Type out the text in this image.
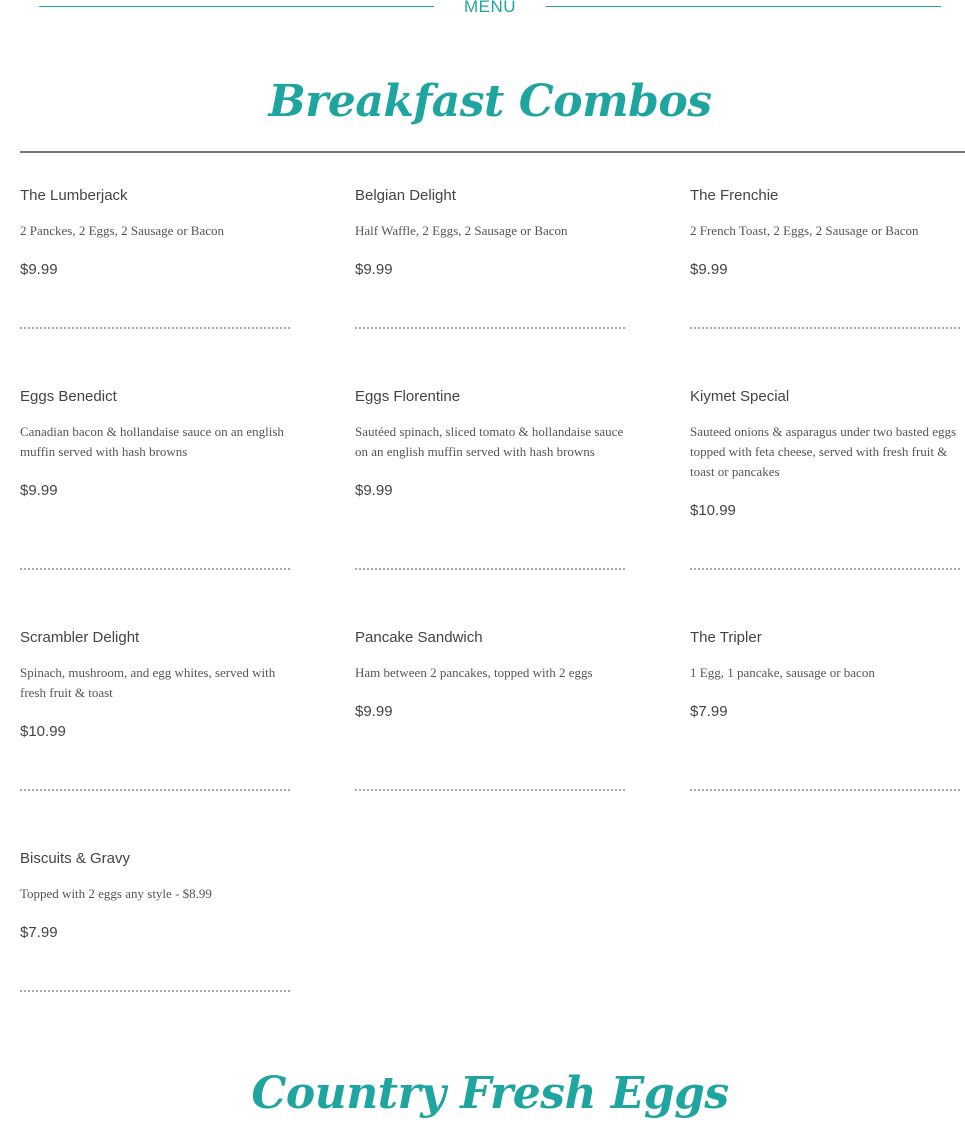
MENU
Breakfast Combos
The Lumberjack
2 Panckes, 2 Eggs, 2 Sausage or Bacon
$9.99
Belgian Delight
Half Waffle, 2 Eggs, 2 Sausage or Bacon
$9.99
The Frenchie
2 French Toast, 2 Eggs, 2 Sausage or Bacon
$9.99
Eggs Benedict
Canadian bacon & hollandaise sauce on an english muffin served with hash browns
$9.99
Eggs Florentine
Sautéed spinach, sliced tomato & hollandaise sauce on an english muffin served with hash browns
$9.99
Kiymet Special
Sauteed onions & asparagus under two basted eggs topped with feta cheese, served with fresh fruit & toast or pancakes
$10.99
Scrambler Delight
Spinach, mushroom, and egg whites, served with fresh fruit & toast
$10.99
Pancake Sandwich
Ham between 2 pancakes, topped with 2 eggs
$9.99
The Tripler
1 Egg, 1 pancake, sausage or bacon
$7.99
Biscuits & Gravy
Topped with 2 eggs any style - $8.99
$7.99
Country Fresh Eggs
